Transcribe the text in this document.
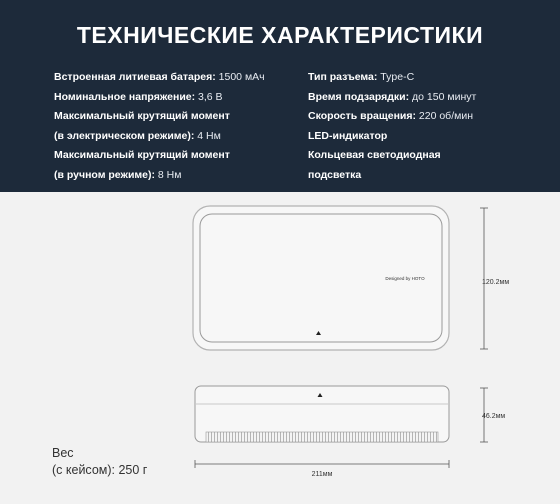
ТЕХНИЧЕСКИЕ ХАРАКТЕРИСТИКИ
Встроенная литиевая батарея: 1500 мАч
Номинальное напряжение: 3,6 В
Максимальный крутящий момент
(в электрическом режиме): 4 Нм
Максимальный крутящий момент
(в ручном режиме): 8 Нм
Тип разъема: Type-C
Время подзарядки: до 150 минут
Скорость вращения: 220 об/мин
LED-индикатор
Кольцевая светодиодная
подсветка
Designed by HOTO
120.2мм
46.2мм
211мм
Вес
(с кейсом): 250 г
